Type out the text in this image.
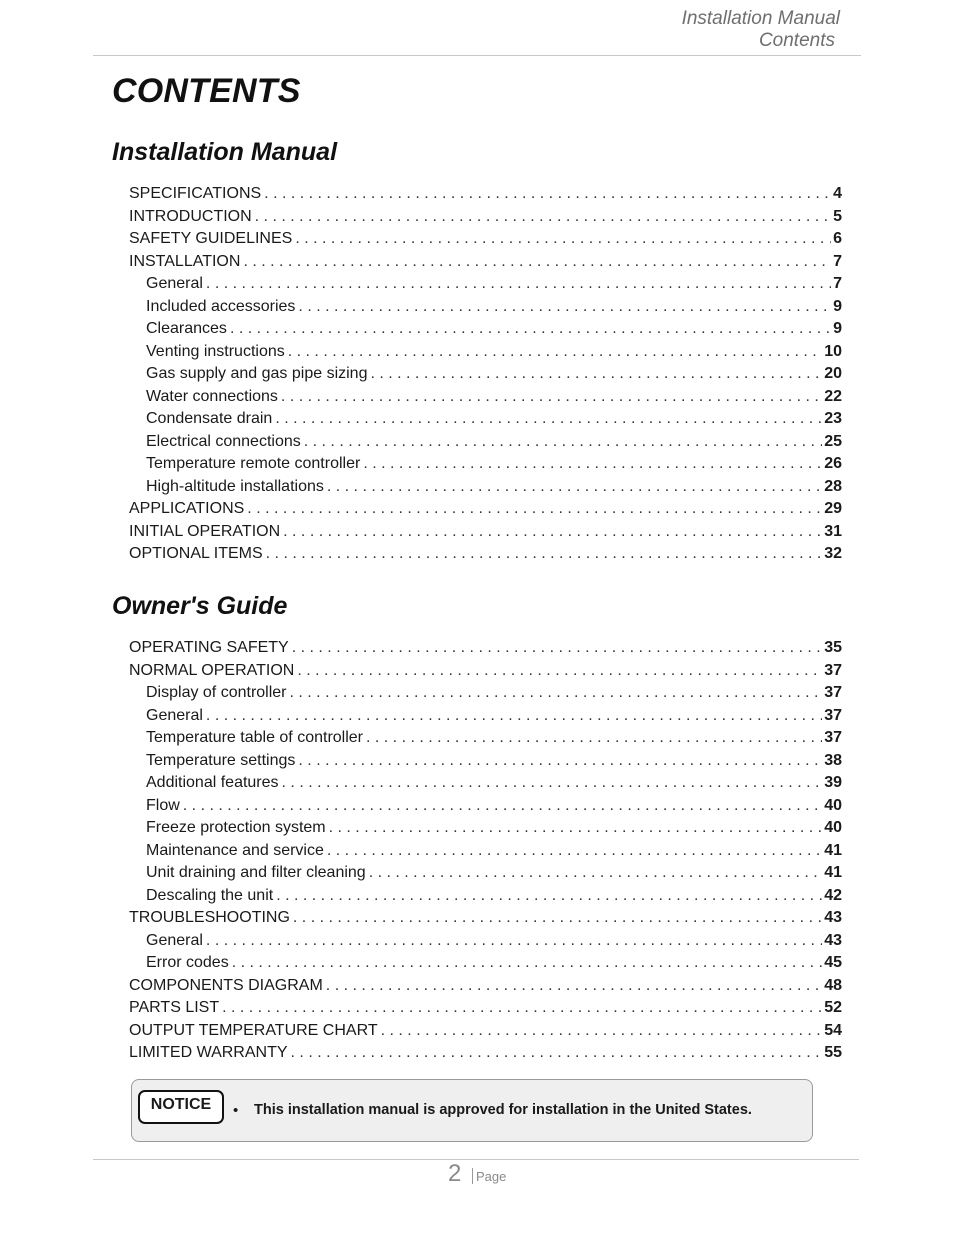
Installation Manual
Contents
CONTENTS
Installation Manual
SPECIFICATIONS . . .	4
INTRODUCTION . . .	5
SAFETY GUIDELINES . . .	6
INSTALLATION . . .	7
General . . .	7
Included accessories . . .	9
Clearances . . .	9
Venting instructions . . .	10
Gas supply and gas pipe sizing . . .	20
Water connections . . .	22
Condensate drain . . .	23
Electrical connections . . .	25
Temperature remote controller . . .	26
High-altitude installations . . .	28
APPLICATIONS . . .	29
INITIAL OPERATION . . .	31
OPTIONAL ITEMS . . .	32
Owner's Guide
OPERATING SAFETY . . .	35
NORMAL OPERATION . . .	37
Display of controller . . .	37
General . . .	37
Temperature table of controller . . .	37
Temperature settings . . .	38
Additional features . . .	39
Flow . . .	40
Freeze protection system . . .	40
Maintenance and service . . .	41
Unit draining and filter cleaning . . .	41
Descaling the unit . . .	42
TROUBLESHOOTING . . .	43
General . . .	43
Error codes . . .	45
COMPONENTS DIAGRAM . . .	48
PARTS LIST . . .	52
OUTPUT TEMPERATURE CHART . . .	54
LIMITED WARRANTY . . .	55
NOTICE	• This installation manual is approved for installation in the United States.
2 Page
